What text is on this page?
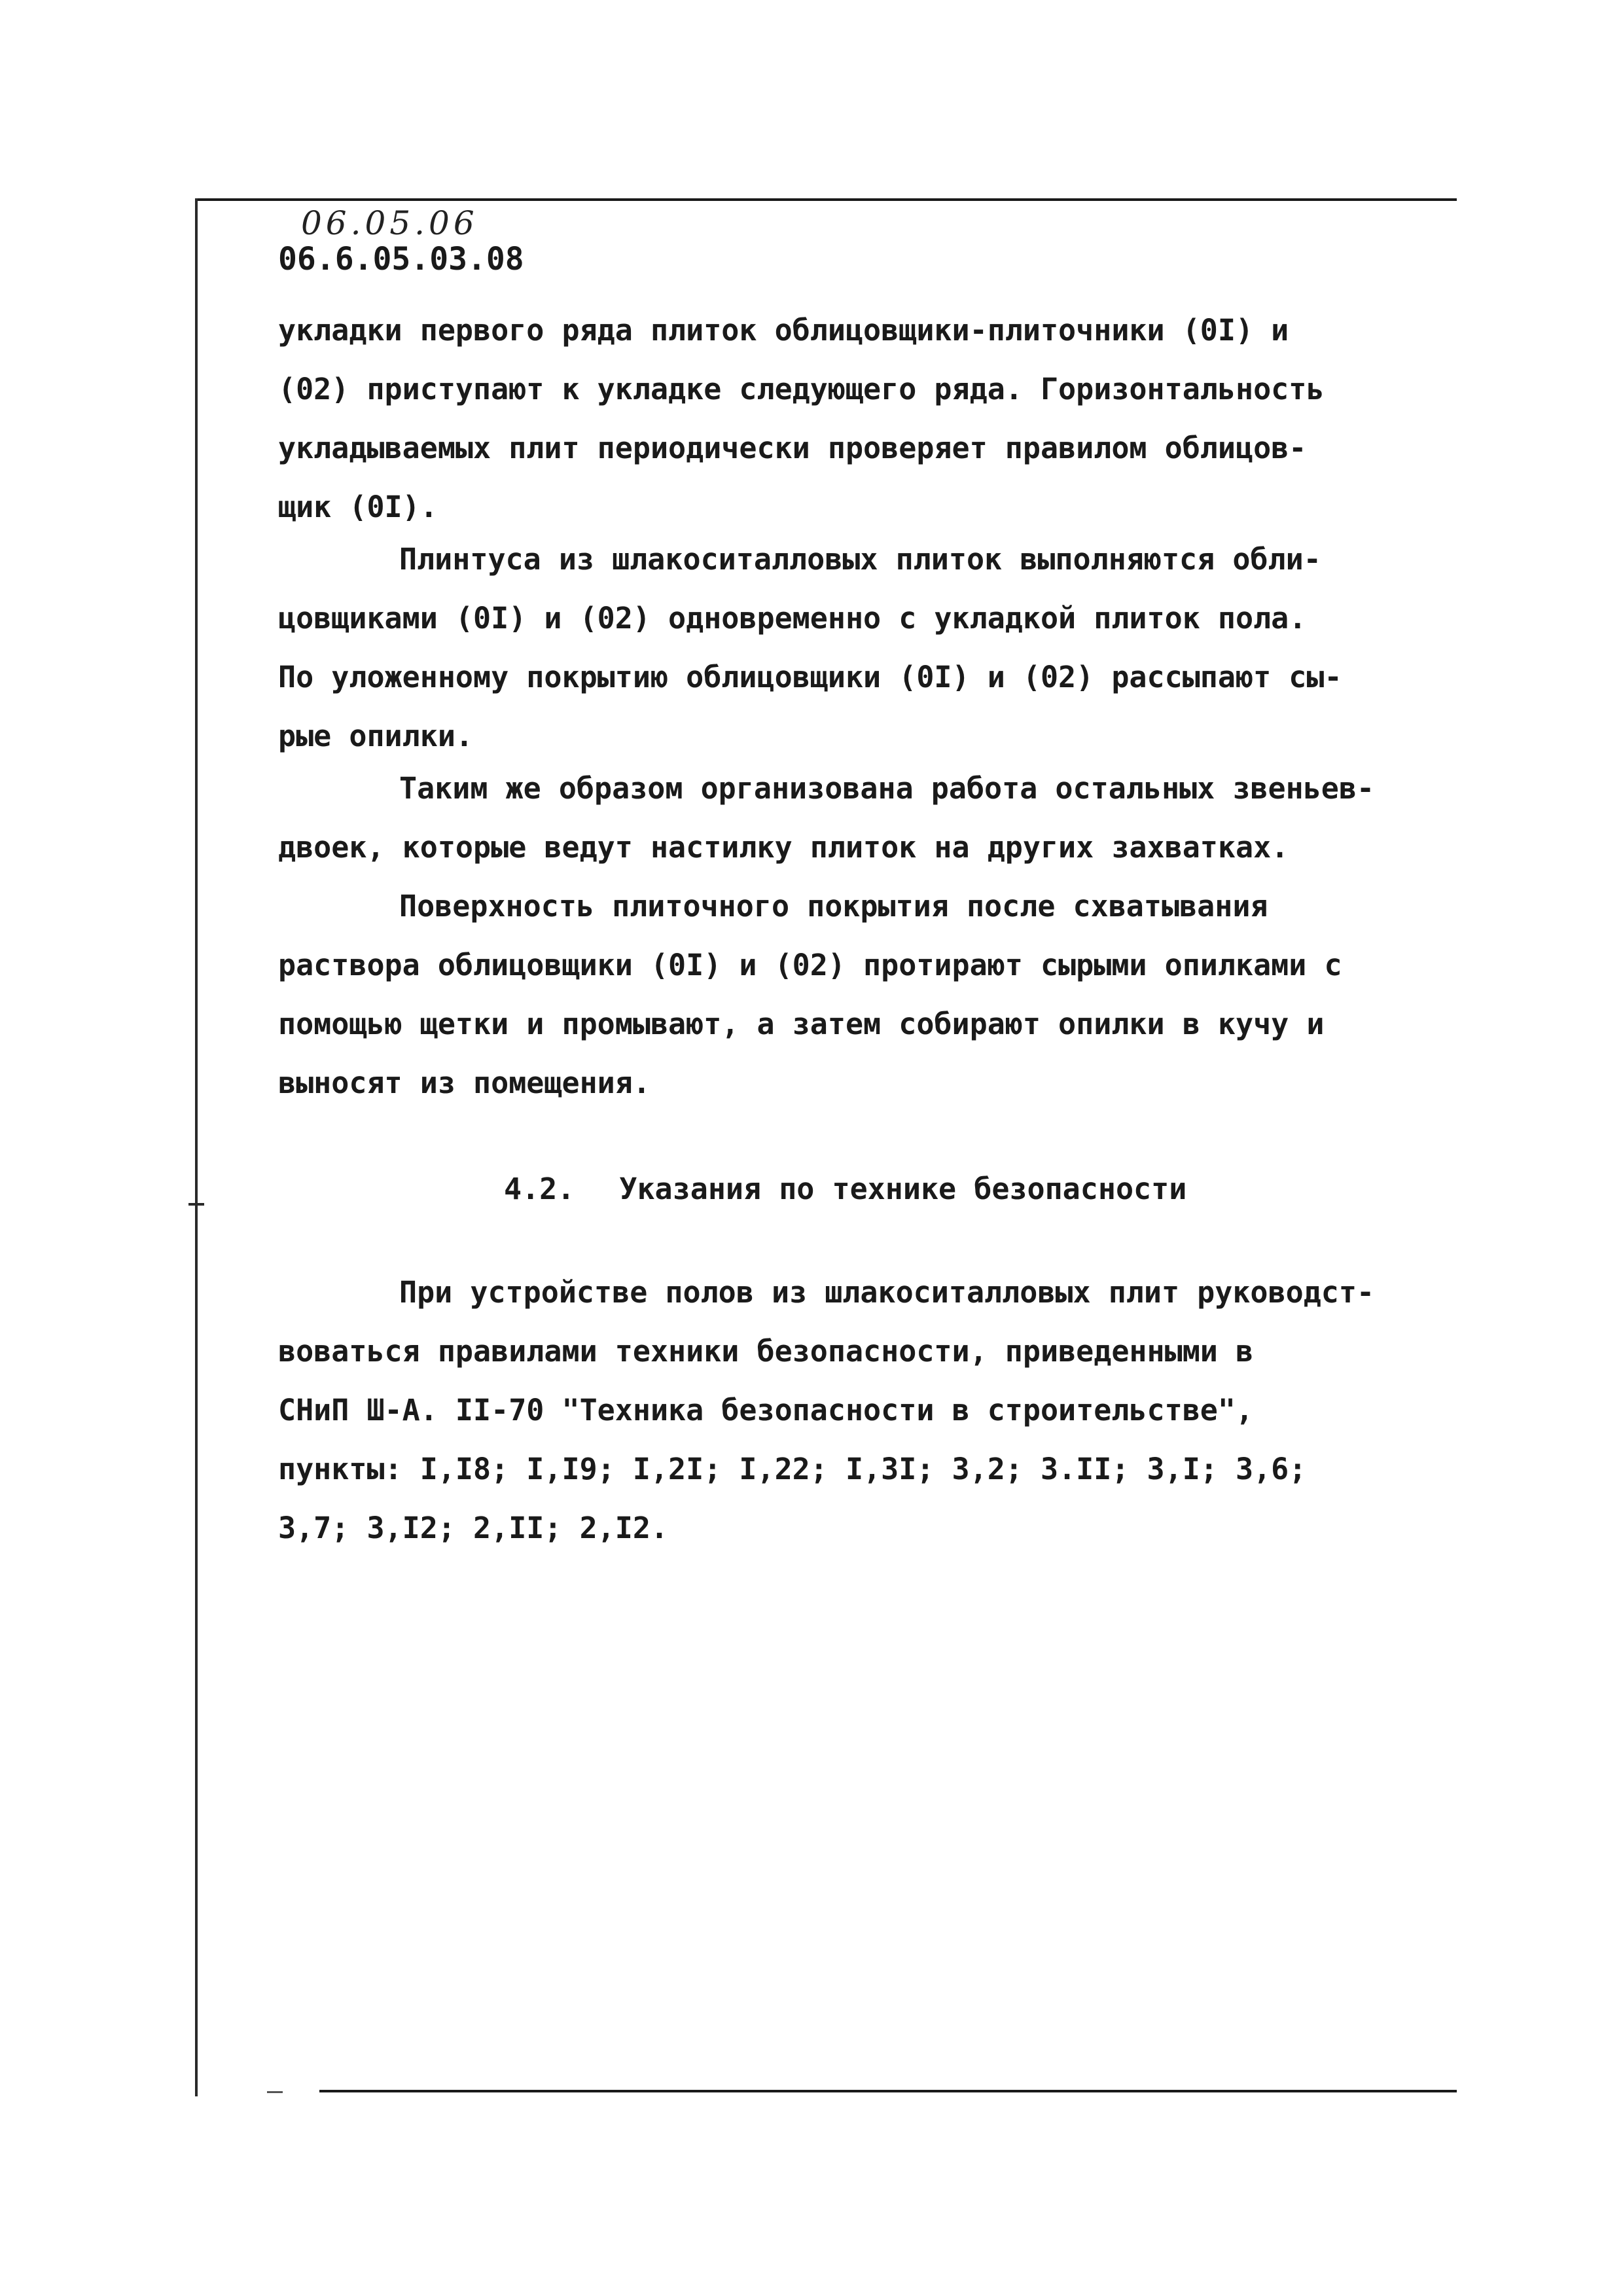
06.05.06
06.6.05.03.08
укладки первого ряда плиток облицовщики-плиточники (0I) и
(02) приступают к укладке следующего ряда. Горизонтальность
укладываемых плит периодически проверяет правилом облицов-
щик (0I).
Плинтуса из шлакоситалловых плиток выполняются обли-
цовщиками (0I) и (02) одновременно с укладкой плиток пола.
По уложенному покрытию облицовщики (0I) и (02) рассыпают сы-
рые опилки.
Таким же образом организована работа остальных звеньев-
двоек, которые ведут настилку плиток на других захватках.
Поверхность плиточного покрытия после схватывания
раствора облицовщики (0I) и (02) протирают сырыми опилками с
помощью щетки и промывают, а затем собирают опилки в кучу и
выносят из помещения.
4.2. Указания по технике безопасности
При устройстве полов из шлакоситалловых плит руководст-
воваться правилами техники безопасности, приведенными в
СНиП Ш-А. II-70 "Техника безопасности в строительстве",
пункты: I,I8; I,I9; I,2I; I,22; I,3I; 3,2; 3.II; 3,I; 3,6;
3,7; 3,I2; 2,II; 2,I2.
